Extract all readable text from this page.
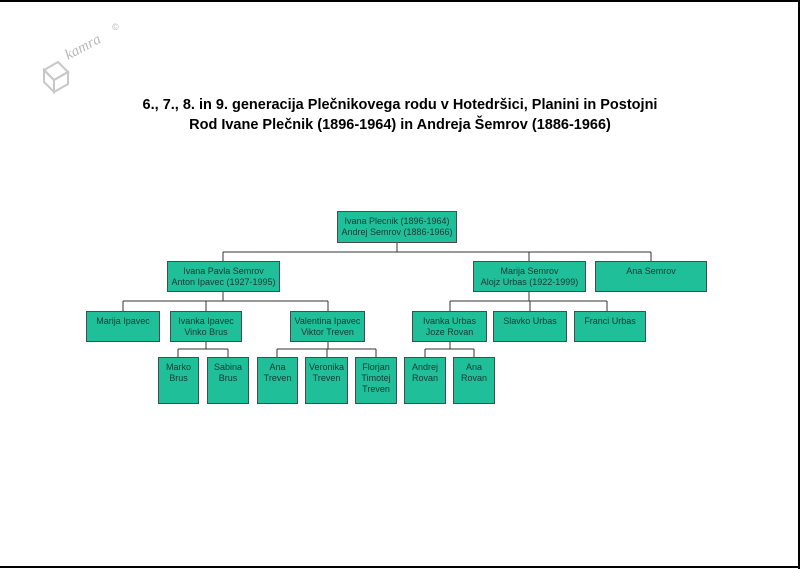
kamra
©
6., 7., 8. in 9. generacija Plečnikovega rodu v Hotedršici, Planini in Postojni
Rod Ivane Plečnik (1896-1964) in Andreja Šemrov (1886-1966)
Ivana Plecnik (1896-1964)
Andrej Semrov (1886-1966)
Ivana Pavla Semrov
Anton Ipavec (1927-1995)
Marija Semrov
Alojz Urbas (1922-1999)
Ana Semrov
Marija Ipavec	Ivanka Ipavec
Vinko Brus
Valentina Ipavec
Viktor Treven
Ivanka Urbas
Joze Rovan
Slavko Urbas	Franci Urbas
Marko
Brus
Sabina
Brus
Ana
Treven
Veronika
Treven
Florjan
Timotej
Treven
Andrej
Rovan
Ana
Rovan
